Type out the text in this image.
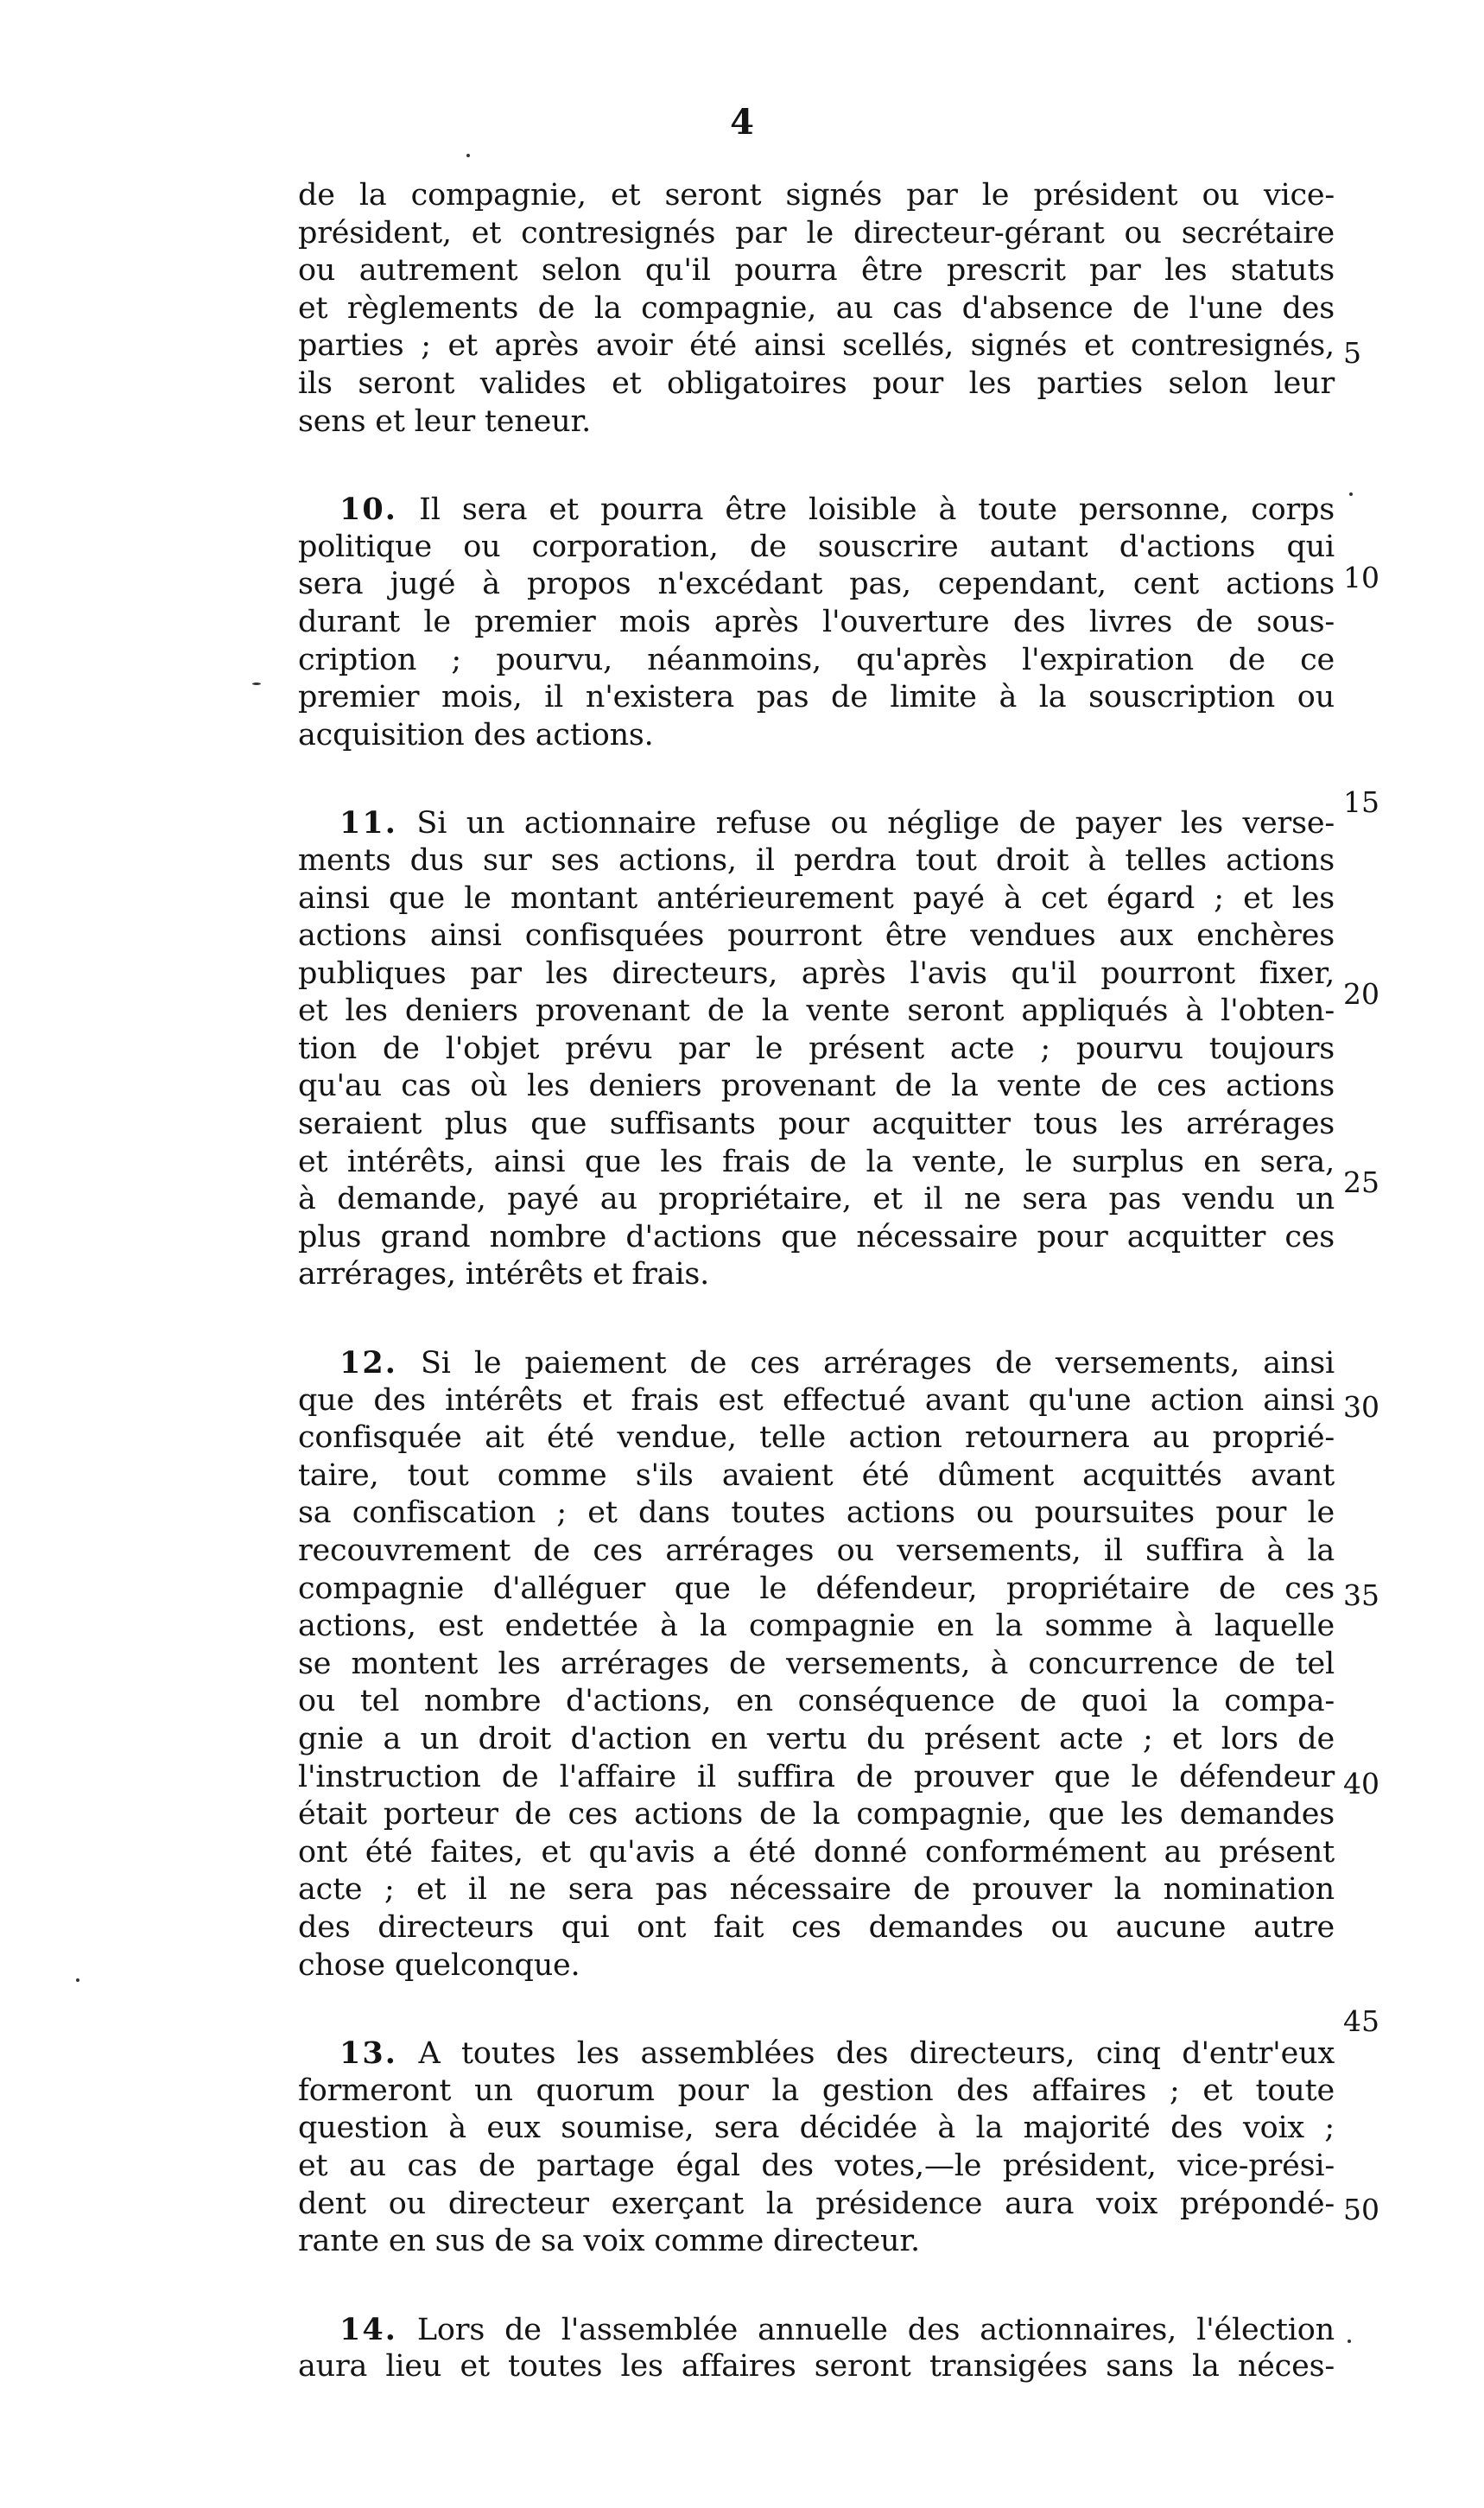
4
de la compagnie, et seront signés par le président ou vice-
président, et contresignés par le directeur-gérant ou secrétaire
ou autrement selon qu'il pourra être prescrit par les statuts
et règlements de la compagnie, au cas d'absence de l'une des
parties ; et après avoir été ainsi scellés, signés et contresignés,
ils seront valides et obligatoires pour les parties selon leur
sens et leur teneur.
10. Il sera et pourra être loisible à toute personne, corps
politique ou corporation, de souscrire autant d'actions qui
sera jugé à propos n'excédant pas, cependant, cent actions
durant le premier mois après l'ouverture des livres de sous-
cription ; pourvu, néanmoins, qu'après l'expiration de ce
premier mois, il n'existera pas de limite à la souscription ou
acquisition des actions.
11. Si un actionnaire refuse ou néglige de payer les verse-
ments dus sur ses actions, il perdra tout droit à telles actions
ainsi que le montant antérieurement payé à cet égard ; et les
actions ainsi confisquées pourront être vendues aux enchères
publiques par les directeurs, après l'avis qu'il pourront fixer,
et les deniers provenant de la vente seront appliqués à l'obten-
tion de l'objet prévu par le présent acte ; pourvu toujours
qu'au cas où les deniers provenant de la vente de ces actions
seraient plus que suffisants pour acquitter tous les arrérages
et intérêts, ainsi que les frais de la vente, le surplus en sera,
à demande, payé au propriétaire, et il ne sera pas vendu un
plus grand nombre d'actions que nécessaire pour acquitter ces
arrérages, intérêts et frais.
12. Si le paiement de ces arrérages de versements, ainsi
que des intérêts et frais est effectué avant qu'une action ainsi
confisquée ait été vendue, telle action retournera au proprié-
taire, tout comme s'ils avaient été dûment acquittés avant
sa confiscation ; et dans toutes actions ou poursuites pour le
recouvrement de ces arrérages ou versements, il suffira à la
compagnie d'alléguer que le défendeur, propriétaire de ces
actions, est endettée à la compagnie en la somme à laquelle
se montent les arrérages de versements, à concurrence de tel
ou tel nombre d'actions, en conséquence de quoi la compa-
gnie a un droit d'action en vertu du présent acte ; et lors de
l'instruction de l'affaire il suffira de prouver que le défendeur
était porteur de ces actions de la compagnie, que les demandes
ont été faites, et qu'avis a été donné conformément au présent
acte ; et il ne sera pas nécessaire de prouver la nomination
des directeurs qui ont fait ces demandes ou aucune autre
chose quelconque.
13. A toutes les assemblées des directeurs, cinq d'entr'eux
formeront un quorum pour la gestion des affaires ; et toute
question à eux soumise, sera décidée à la majorité des voix ;
et au cas de partage égal des votes,—le président, vice-prési-
dent ou directeur exerçant la présidence aura voix prépondé-
rante en sus de sa voix comme directeur.
14. Lors de l'assemblée annuelle des actionnaires, l'élection
aura lieu et toutes les affaires seront transigées sans la néces-
5
10
15
20
25
30
35
40
45
50
